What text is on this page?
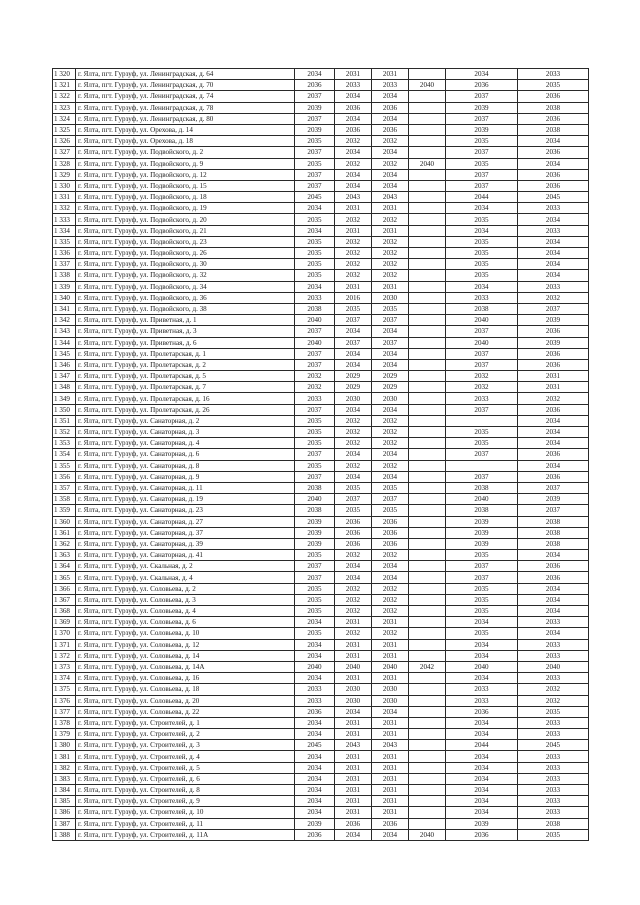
1 320	г. Ялта, пгт. Гурзуф, ул. Ленинградская, д. 64	2034	2031	2031		2034	2033
1 321	г. Ялта, пгт. Гурзуф, ул. Ленинградская, д. 70	2036	2033	2033	2040	2036	2035
1 322	г. Ялта, пгт. Гурзуф, ул. Ленинградская, д. 74	2037	2034	2034		2037	2036
1 323	г. Ялта, пгт. Гурзуф, ул. Ленинградская, д. 78	2039	2036	2036		2039	2038
1 324	г. Ялта, пгт. Гурзуф, ул. Ленинградская, д. 80	2037	2034	2034		2037	2036
1 325	г. Ялта, пгт. Гурзуф, ул. Орехова, д. 14	2039	2036	2036		2039	2038
1 326	г. Ялта, пгт. Гурзуф, ул. Орехова, д. 18	2035	2032	2032		2035	2034
1 327	г. Ялта, пгт. Гурзуф, ул. Подвойского, д. 2	2037	2034	2034		2037	2036
1 328	г. Ялта, пгт. Гурзуф, ул. Подвойского, д. 9	2035	2032	2032	2040	2035	2034
1 329	г. Ялта, пгт. Гурзуф, ул. Подвойского, д. 12	2037	2034	2034		2037	2036
1 330	г. Ялта, пгт. Гурзуф, ул. Подвойского, д. 15	2037	2034	2034		2037	2036
1 331	г. Ялта, пгт. Гурзуф, ул. Подвойского, д. 18	2045	2043	2043		2044	2045
1 332	г. Ялта, пгт. Гурзуф, ул. Подвойского, д. 19	2034	2031	2031		2034	2033
1 333	г. Ялта, пгт. Гурзуф, ул. Подвойского, д. 20	2035	2032	2032		2035	2034
1 334	г. Ялта, пгт. Гурзуф, ул. Подвойского, д. 21	2034	2031	2031		2034	2033
1 335	г. Ялта, пгт. Гурзуф, ул. Подвойского, д. 23	2035	2032	2032		2035	2034
1 336	г. Ялта, пгт. Гурзуф, ул. Подвойского, д. 26	2035	2032	2032		2035	2034
1 337	г. Ялта, пгт. Гурзуф, ул. Подвойского, д. 30	2035	2032	2032		2035	2034
1 338	г. Ялта, пгт. Гурзуф, ул. Подвойского, д. 32	2035	2032	2032		2035	2034
1 339	г. Ялта, пгт. Гурзуф, ул. Подвойского, д. 34	2034	2031	2031		2034	2033
1 340	г. Ялта, пгт. Гурзуф, ул. Подвойского, д. 36	2033	2016	2030		2033	2032
1 341	г. Ялта, пгт. Гурзуф, ул. Подвойского, д. 38	2038	2035	2035		2038	2037
1 342	г. Ялта, пгт. Гурзуф, ул. Приветная, д. 1	2040	2037	2037		2040	2039
1 343	г. Ялта, пгт. Гурзуф, ул. Приветная, д. 3	2037	2034	2034		2037	2036
1 344	г. Ялта, пгт. Гурзуф, ул. Приветная, д. 6	2040	2037	2037		2040	2039
1 345	г. Ялта, пгт. Гурзуф, ул. Пролетарская, д. 1	2037	2034	2034		2037	2036
1 346	г. Ялта, пгт. Гурзуф, ул. Пролетарская, д. 2	2037	2034	2034		2037	2036
1 347	г. Ялта, пгт. Гурзуф, ул. Пролетарская, д. 5	2032	2029	2029		2032	2031
1 348	г. Ялта, пгт. Гурзуф, ул. Пролетарская, д. 7	2032	2029	2029		2032	2031
1 349	г. Ялта, пгт. Гурзуф, ул. Пролетарская, д. 16	2033	2030	2030		2033	2032
1 350	г. Ялта, пгт. Гурзуф, ул. Пролетарская, д. 26	2037	2034	2034		2037	2036
1 351	г. Ялта, пгт. Гурзуф, ул. Санаторная, д. 2	2035	2032	2032			2034
1 352	г. Ялта, пгт. Гурзуф, ул. Санаторная, д. 3	2035	2032	2032		2035	2034
1 353	г. Ялта, пгт. Гурзуф, ул. Санаторная, д. 4	2035	2032	2032		2035	2034
1 354	г. Ялта, пгт. Гурзуф, ул. Санаторная, д. 6	2037	2034	2034		2037	2036
1 355	г. Ялта, пгт. Гурзуф, ул. Санаторная, д. 8	2035	2032	2032			2034
1 356	г. Ялта, пгт. Гурзуф, ул. Санаторная, д. 9	2037	2034	2034		2037	2036
1 357	г. Ялта, пгт. Гурзуф, ул. Санаторная, д. 11	2038	2035	2035		2038	2037
1 358	г. Ялта, пгт. Гурзуф, ул. Санаторная, д. 19	2040	2037	2037		2040	2039
1 359	г. Ялта, пгт. Гурзуф, ул. Санаторная, д. 23	2038	2035	2035		2038	2037
1 360	г. Ялта, пгт. Гурзуф, ул. Санаторная, д. 27	2039	2036	2036		2039	2038
1 361	г. Ялта, пгт. Гурзуф, ул. Санаторная, д. 37	2039	2036	2036		2039	2038
1 362	г. Ялта, пгт. Гурзуф, ул. Санаторная, д. 39	2039	2036	2036		2039	2038
1 363	г. Ялта, пгт. Гурзуф, ул. Санаторная, д. 41	2035	2032	2032		2035	2034
1 364	г. Ялта, пгт. Гурзуф, ул. Скальная, д. 2	2037	2034	2034		2037	2036
1 365	г. Ялта, пгт. Гурзуф, ул. Скальная, д. 4	2037	2034	2034		2037	2036
1 366	г. Ялта, пгт. Гурзуф, ул. Соловьева, д. 2	2035	2032	2032		2035	2034
1 367	г. Ялта, пгт. Гурзуф, ул. Соловьева, д. 3	2035	2032	2032		2035	2034
1 368	г. Ялта, пгт. Гурзуф, ул. Соловьева, д. 4	2035	2032	2032		2035	2034
1 369	г. Ялта, пгт. Гурзуф, ул. Соловьева, д. 6	2034	2031	2031		2034	2033
1 370	г. Ялта, пгт. Гурзуф, ул. Соловьева, д. 10	2035	2032	2032		2035	2034
1 371	г. Ялта, пгт. Гурзуф, ул. Соловьева, д. 12	2034	2031	2031		2034	2033
1 372	г. Ялта, пгт. Гурзуф, ул. Соловьева, д. 14	2034	2031	2031		2034	2033
1 373	г. Ялта, пгт. Гурзуф, ул. Соловьева, д. 14А	2040	2040	2040	2042	2040	2040
1 374	г. Ялта, пгт. Гурзуф, ул. Соловьева, д. 16	2034	2031	2031		2034	2033
1 375	г. Ялта, пгт. Гурзуф, ул. Соловьева, д. 18	2033	2030	2030		2033	2032
1 376	г. Ялта, пгт. Гурзуф, ул. Соловьева, д. 20	2033	2030	2030		2033	2032
1 377	г. Ялта, пгт. Гурзуф, ул. Соловьева, д. 22	2036	2034	2034		2036	2035
1 378	г. Ялта, пгт. Гурзуф, ул. Строителей, д. 1	2034	2031	2031		2034	2033
1 379	г. Ялта, пгт. Гурзуф, ул. Строителей, д. 2	2034	2031	2031		2034	2033
1 380	г. Ялта, пгт. Гурзуф, ул. Строителей, д. 3	2045	2043	2043		2044	2045
1 381	г. Ялта, пгт. Гурзуф, ул. Строителей, д. 4	2034	2031	2031		2034	2033
1 382	г. Ялта, пгт. Гурзуф, ул. Строителей, д. 5	2034	2031	2031		2034	2033
1 383	г. Ялта, пгт. Гурзуф, ул. Строителей, д. 6	2034	2031	2031		2034	2033
1 384	г. Ялта, пгт. Гурзуф, ул. Строителей, д. 8	2034	2031	2031		2034	2033
1 385	г. Ялта, пгт. Гурзуф, ул. Строителей, д. 9	2034	2031	2031		2034	2033
1 386	г. Ялта, пгт. Гурзуф, ул. Строителей, д. 10	2034	2031	2031		2034	2033
1 387	г. Ялта, пгт. Гурзуф, ул. Строителей, д. 11	2039	2036	2036		2039	2038
1 388	г. Ялта, пгт. Гурзуф, ул. Строителей, д. 11А	2036	2034	2034	2040	2036	2035
